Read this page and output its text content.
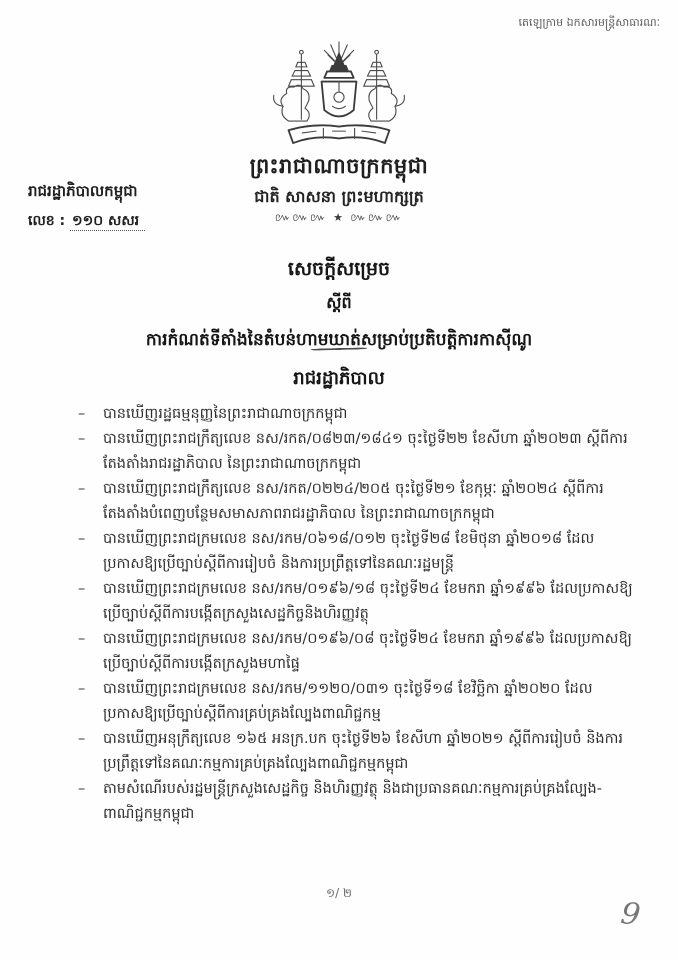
តេឡេក្រាម ឯកសារមន្ត្រីសាធារណៈ
ព្រះរាជាណាចក្រកម្ពុជា
ជាតិ សាសនា ព្រះមហាក្សត្រ
៚៚៚ ★ ៚៚៚
រាជរដ្ឋាភិបាលកម្ពុជា
លេខ : ១១០ សសរ
សេចក្តីសម្រេច
ស្តីពី
ការកំណត់ទីតាំងនៃតំបន់ហាមឃាត់សម្រាប់ប្រតិបត្តិការកាស៊ីណូ
រាជរដ្ឋាភិបាល
– បានឃើញរដ្ឋធម្មនុញ្ញនៃព្រះរាជាណាចក្រកម្ពុជា
– បានឃើញព្រះរាជក្រឹត្យលេខ នស/រកត/០៨២៣/១៨៤១ ចុះថ្ងៃទី២២ ខែសីហា ឆ្នាំ២០២៣ ស្តីពីការតែងតាំងរាជរដ្ឋាភិបាល នៃព្រះរាជាណាចក្រកម្ពុជា
– បានឃើញព្រះរាជក្រឹត្យលេខ នស/រកត/០២២៤/២០៥ ចុះថ្ងៃទី២១ ខែកុម្ភៈ ឆ្នាំ២០២៤ ស្តីពីការតែងតាំងបំពេញបន្ថែមសមាសភាពរាជរដ្ឋាភិបាល នៃព្រះរាជាណាចក្រកម្ពុជា
– បានឃើញព្រះរាជក្រមលេខ នស/រកម/០៦១៨/០១២ ចុះថ្ងៃទី២៨ ខែមិថុនា ឆ្នាំ២០១៨ ដែលប្រកាសឱ្យប្រើច្បាប់ស្តីពីការរៀបចំ និងការប្រព្រឹត្តទៅនៃគណៈរដ្ឋមន្ត្រី
– បានឃើញព្រះរាជក្រមលេខ នស/រកម/០១៩៦/១៨ ចុះថ្ងៃទី២៤ ខែមករា ឆ្នាំ១៩៩៦ ដែលប្រកាសឱ្យប្រើច្បាប់ស្តីពីការបង្កើតក្រសួងសេដ្ឋកិច្ចនិងហិរញ្ញវត្ថុ
– បានឃើញព្រះរាជក្រមលេខ នស/រកម/០១៩៦/០៨ ចុះថ្ងៃទី២៤ ខែមករា ឆ្នាំ១៩៩៦ ដែលប្រកាសឱ្យប្រើច្បាប់ស្តីពីការបង្កើតក្រសួងមហាផ្ទៃ
– បានឃើញព្រះរាជក្រមលេខ នស/រកម/១១២០/០៣១ ចុះថ្ងៃទី១៨ ខែវិច្ឆិកា ឆ្នាំ២០២០ ដែលប្រកាសឱ្យប្រើច្បាប់ស្តីពីការគ្រប់គ្រងល្បែងពាណិជ្ជកម្ម
– បានឃើញអនុក្រឹត្យលេខ ១៦៥ អនក្រ.បក ចុះថ្ងៃទី២៦ ខែសីហា ឆ្នាំ២០២១ ស្តីពីការរៀបចំ និងការប្រព្រឹត្តទៅនៃគណៈកម្មការគ្រប់គ្រងល្បែងពាណិជ្ជកម្មកម្ពុជា
– តាមសំណើរបស់រដ្ឋមន្ត្រីក្រសួងសេដ្ឋកិច្ច និងហិរញ្ញវត្ថុ និងជាប្រធានគណៈកម្មការគ្រប់គ្រងល្បែង-ពាណិជ្ជកម្មកម្ពុជា
១/ ២
9
